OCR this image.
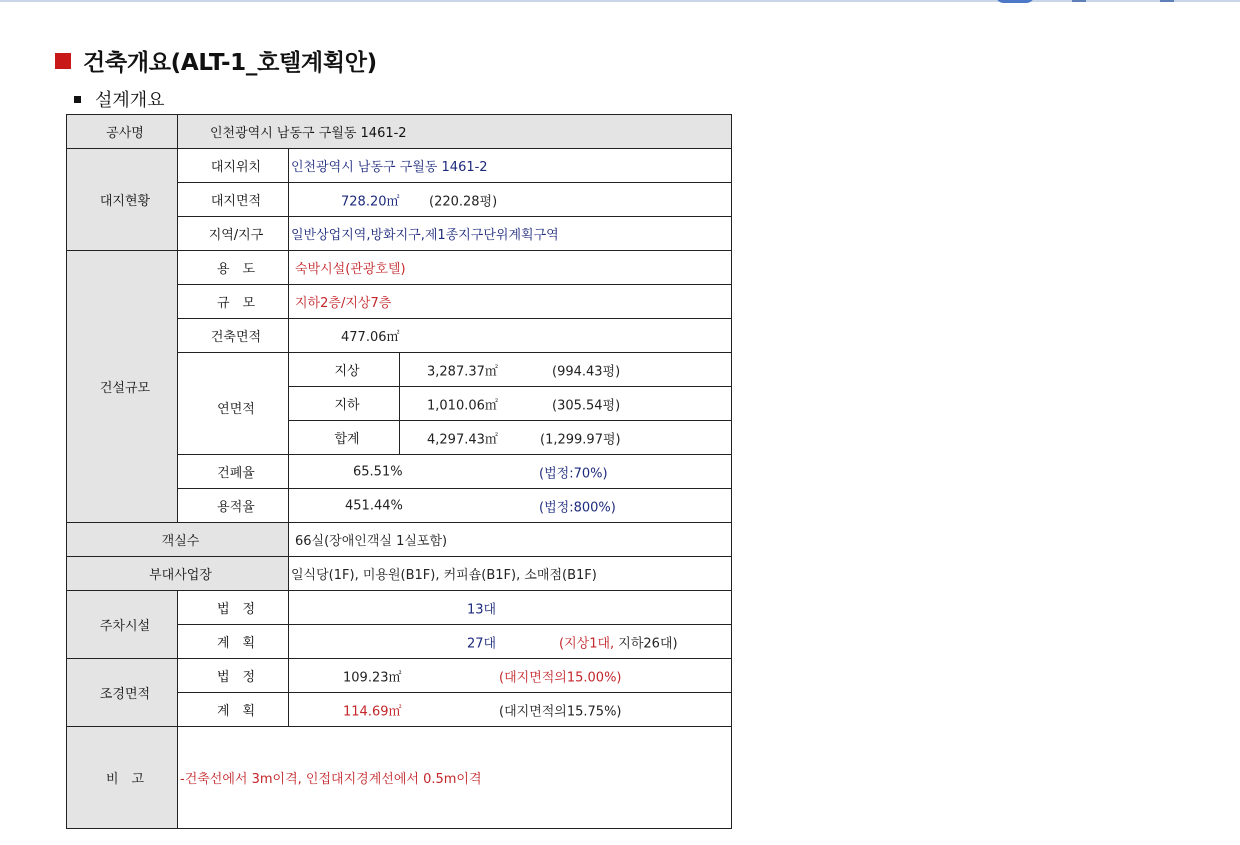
건축개요(ALT-1_호텔계획안)
설계개요
공사명	인천광역시 남동구 구월동 1461-2		
대지현황	대지위치	인천광역시 남동구 구월동 1461-2	
	대지면적	728.20㎡ (220.28평)	

	지역/지구	일반상업지역,방화지구,제1종지구단위계획구역	
건설규모	용　도	숙박시설(관광호텔)	
	규　모	지하2층/지상7층	
	건축면적	477.06㎡	
	연면적	지상	3,287.37㎡ (994.43평)

		지하	1,010.06㎡ (305.54평)

		합계	4,297.43㎡ (1,299.97평)

	건폐율	65.51% (법정:70%)	

	용적율	451.44% (법정:800%)	

객실수		66실(장애인객실 1실포함)	
부대사업장		일식당(1F), 미용원(B1F), 커피숍(B1F), 소매점(B1F)	
주차시설	법　정	13대	

	계　획	27대 (지상1대, 지하26대)	

조경면적	법　정	109.23㎡ (대지면적의15.00%)	

	계　획	114.69㎡ (대지면적의15.75%)	

비　고	-건축선에서 3m이격, 인접대지경계선에서 0.5m이격		
